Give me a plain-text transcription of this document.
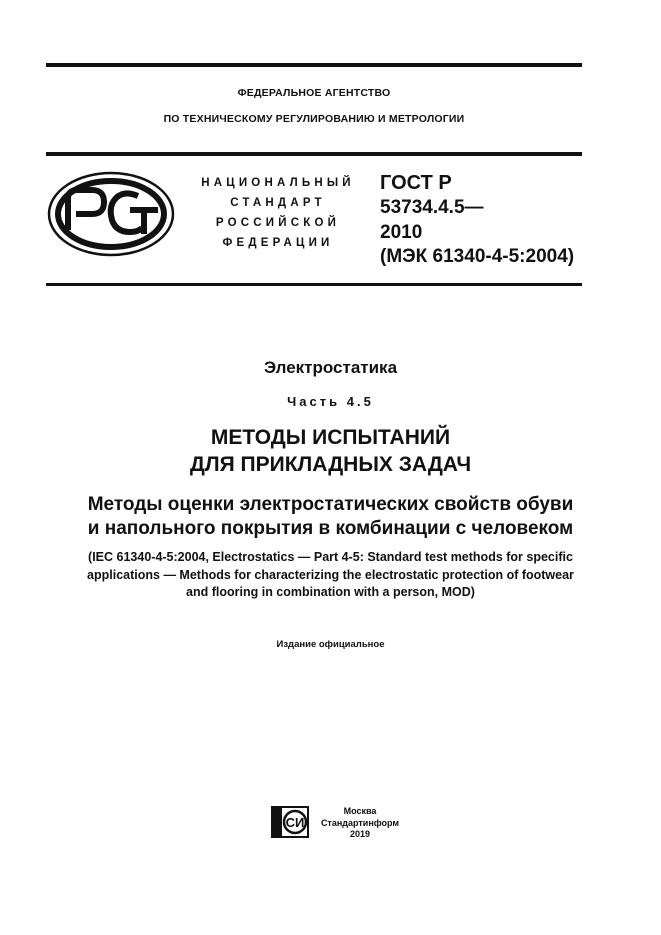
ФЕДЕРАЛЬНОЕ АГЕНТСТВО
ПО ТЕХНИЧЕСКОМУ РЕГУЛИРОВАНИЮ И МЕТРОЛОГИИ
НАЦИОНАЛЬНЫЙ
СТАНДАРТ
РОССИЙСКОЙ
ФЕДЕРАЦИИ
ГОСТ Р
53734.4.5—
2010
(МЭК 61340-4-5:2004)
Электростатика
Часть 4.5
МЕТОДЫ ИСПЫТАНИЙ
ДЛЯ ПРИКЛАДНЫХ ЗАДАЧ
Методы оценки электростатических свойств обуви
и напольного покрытия в комбинации с человеком
(IEC 61340-4-5:2004, Electrostatics — Part 4-5: Standard test methods for specific
applications — Methods for characterizing the electrostatic protection of footwear
and flooring in combination with a person, MOD)
Издание официальное
СИ
Москва
Стандартинформ
2019
